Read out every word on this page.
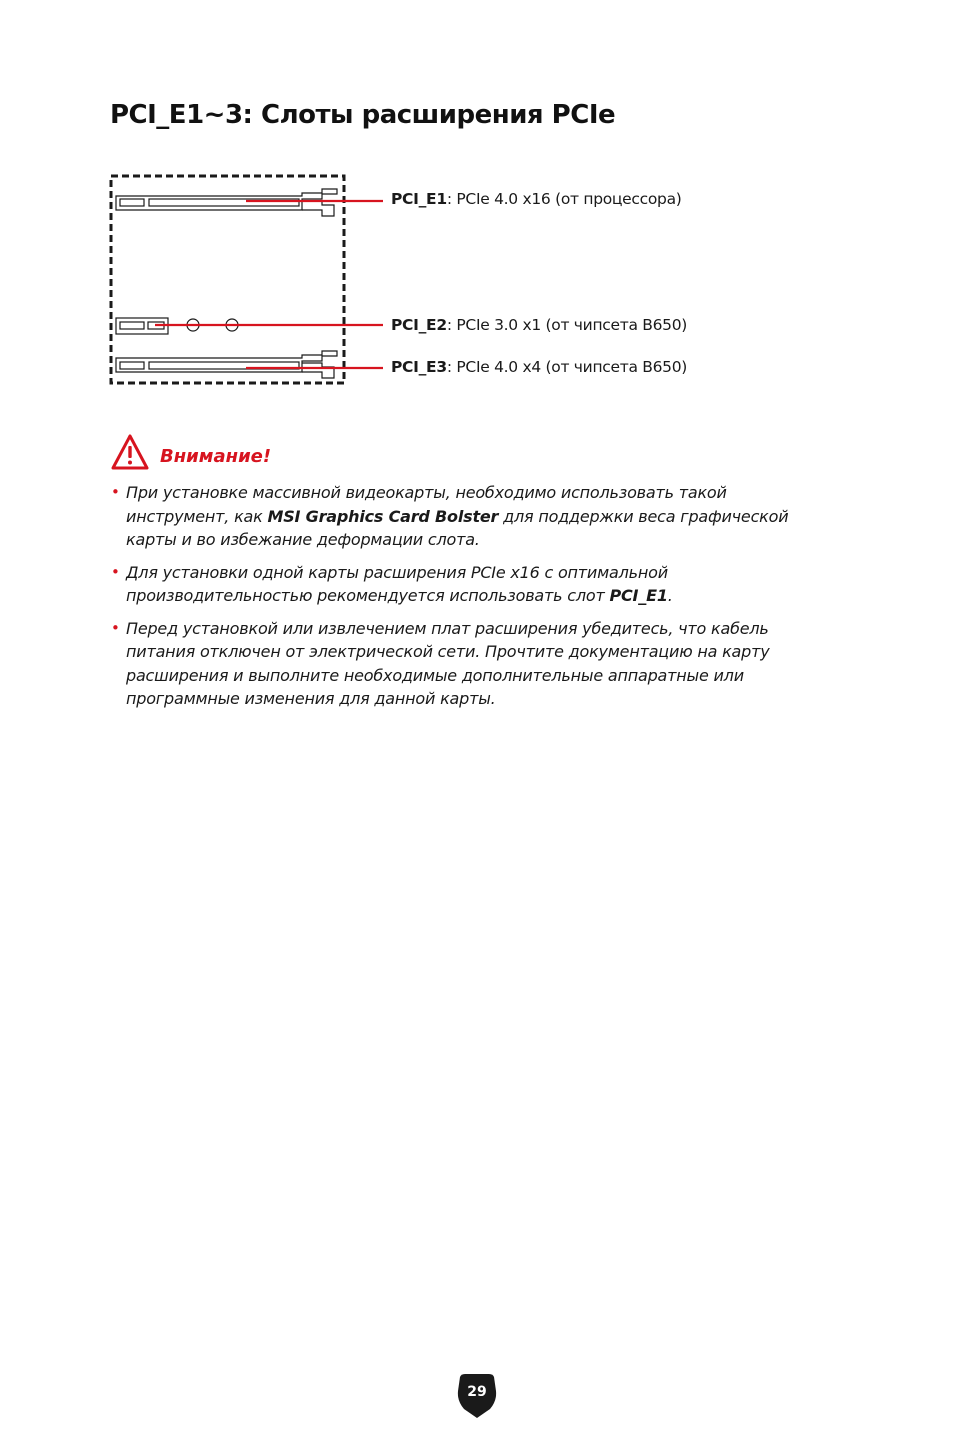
PCI_E1~3: Слоты расширения PCIe
PCI_E1: PCIe 4.0 x16 (от процессора)
PCI_E2: PCIe 3.0 x1 (от чипсета B650)
PCI_E3: PCIe 4.0 x4 (от чипсета B650)
Внимание!
• При установке массивной видеокарты, необходимо использовать такой инструмент, как MSI Graphics Card Bolster для поддержки веса графической карты и во избежание деформации слота.
• Для установки одной карты расширения PCIe x16 с оптимальной производительностью рекомендуется использовать слот PCI_E1.
• Перед установкой или извлечением плат расширения убедитесь, что кабель питания отключен от электрической сети. Прочтите документацию на карту расширения и выполните необходимые дополнительные аппаратные или программные изменения для данной карты.
29
